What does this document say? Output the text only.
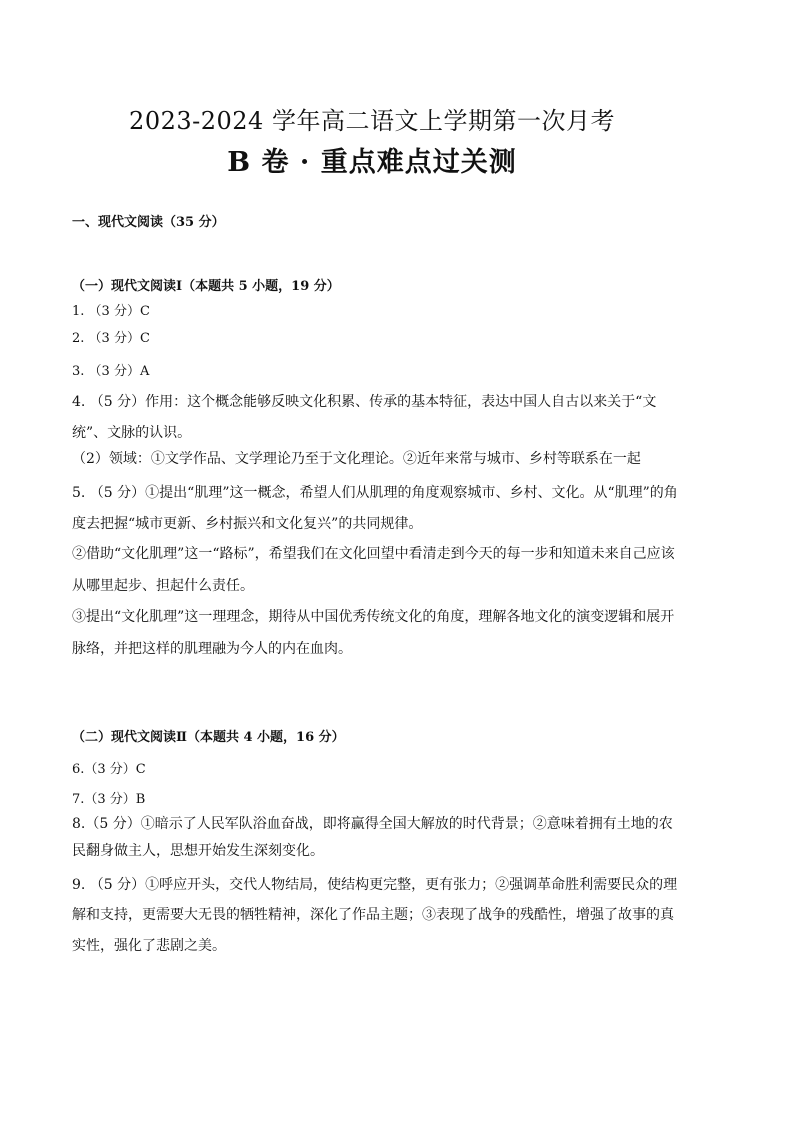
2023-2024 学年高二语文上学期第一次月考
B 卷 · 重点难点过关测
一、现代文阅读（35 分）
（一）现代文阅读Ⅰ（本题共 5 小题，19 分）
1. （3 分）C
2. （3 分）C
3. （3 分）A
4. （5 分）作用：这个概念能够反映文化积累、传承的基本特征，表达中国人自古以来关于“文
统”、文脉的认识。
（2）领域：①文学作品、文学理论乃至于文化理论。②近年来常与城市、乡村等联系在一起
5. （5 分）①提出“肌理”这一概念，希望人们从肌理的角度观察城市、乡村、文化。从“肌理”的角
度去把握“城市更新、乡村振兴和文化复兴”的共同规律。
②借助“文化肌理”这一“路标”，希望我们在文化回望中看清走到今天的每一步和知道未来自己应该
从哪里起步、担起什么责任。
③提出“文化肌理”这一理理念，期待从中国优秀传统文化的角度，理解各地文化的演变逻辑和展开
脉络，并把这样的肌理融为今人的内在血肉。
（二）现代文阅读Ⅱ（本题共 4 小题，16 分）
6.（3 分）C
7.（3 分）B
8.（5 分）①暗示了人民军队浴血奋战，即将赢得全国大解放的时代背景；②意味着拥有土地的农
民翻身做主人，思想开始发生深刻变化。
9. （5 分）①呼应开头，交代人物结局，使结构更完整，更有张力；②强调革命胜利需要民众的理
解和支持，更需要大无畏的牺牲精神，深化了作品主题；③表现了战争的残酷性，增强了故事的真
实性，强化了悲剧之美。
